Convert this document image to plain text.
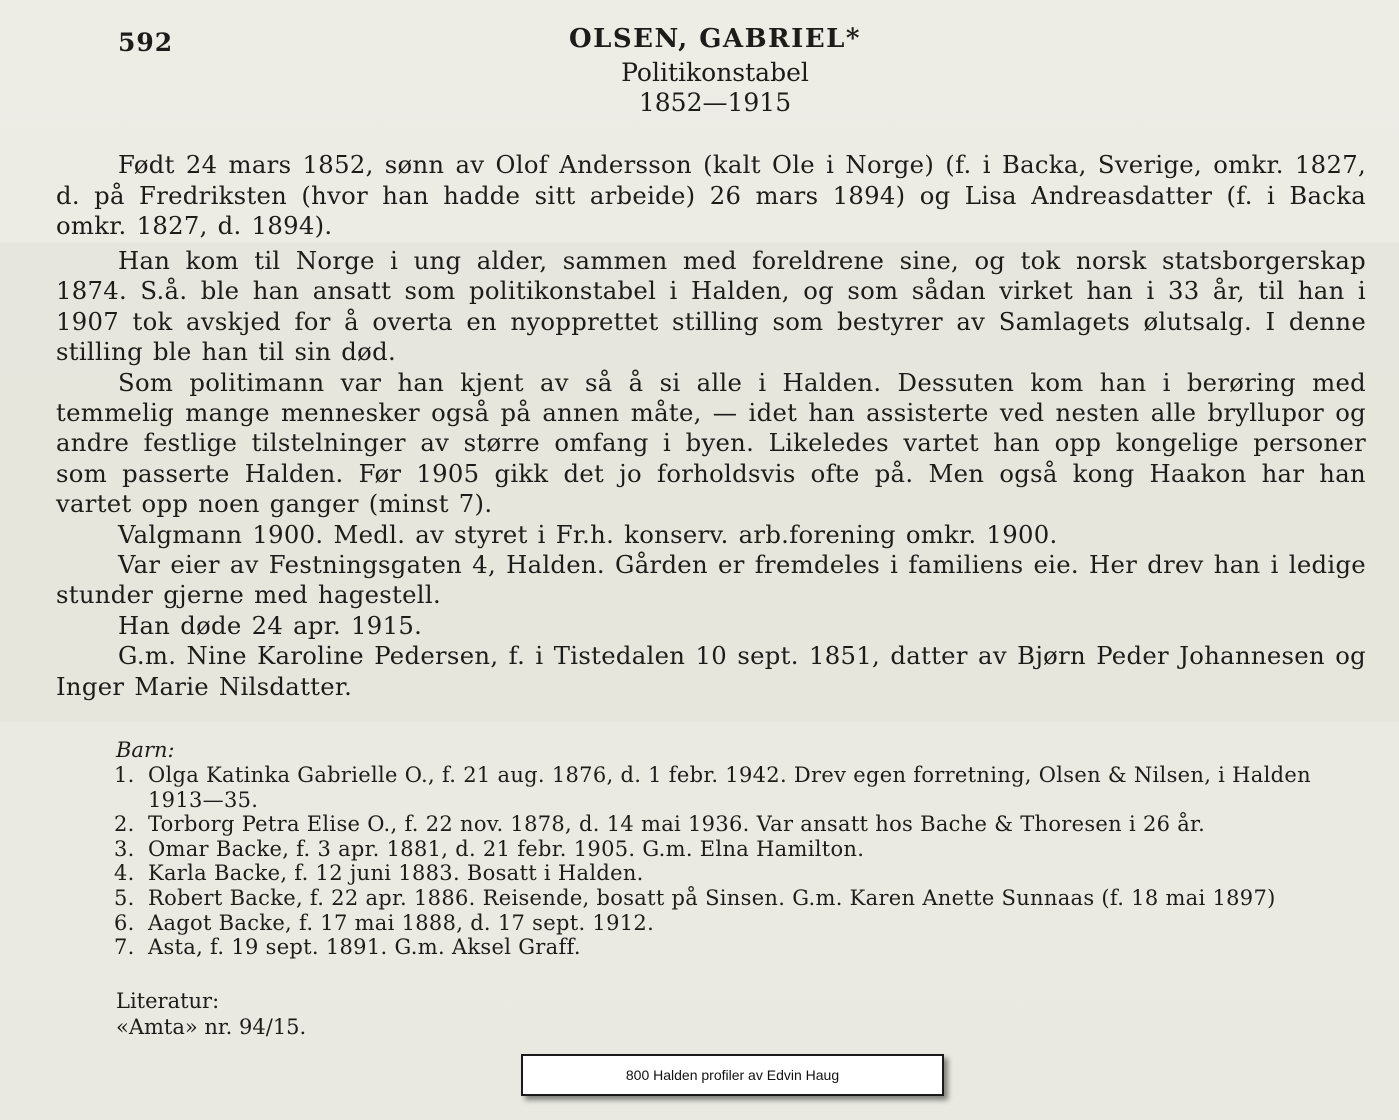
592	OLSEN, GABRIEL*
Politikonstabel
1852—1915

Født 24 mars 1852, sønn av Olof Andersson (kalt Ole i Norge) (f. i Backa, Sverige, omkr. 1827, d. på Fredriksten (hvor han hadde sitt arbeide) 26 mars 1894) og Lisa Andreasdatter (f. i Backa omkr. 1827, d. 1894).

Han kom til Norge i ung alder, sammen med foreldrene sine, og tok norsk statsborgerskap 1874. S.å. ble han ansatt som politikonstabel i Halden, og som sådan virket han i 33 år, til han i 1907 tok avskjed for å overta en nyopprettet stilling som bestyrer av Samlagets ølutsalg. I denne stilling ble han til sin død.

Som politimann var han kjent av så å si alle i Halden. Dessuten kom han i berøring med temmelig mange mennesker også på annen måte, — idet han assisterte ved nesten alle bryllupor og andre festlige tilstelninger av større omfang i byen. Likeledes vartet han opp kongelige personer som passerte Halden. Før 1905 gikk det jo forholdsvis ofte på. Men også kong Haakon har han vartet opp noen ganger (minst 7).

Valgmann 1900. Medl. av styret i Fr.h. konserv. arb.forening omkr. 1900.

Var eier av Festningsgaten 4, Halden. Gården er fremdeles i familiens eie. Her drev han i ledige stunder gjerne med hagestell.

Han døde 24 apr. 1915.

G.m. Nine Karoline Pedersen, f. i Tistedalen 10 sept. 1851, datter av Bjørn Peder Johannesen og Inger Marie Nilsdatter.

Barn:
1. Olga Katinka Gabrielle O., f. 21 aug. 1876, d. 1 febr. 1942. Drev egen forretning, Olsen & Nilsen, i Halden 1913—35.
2. Torborg Petra Elise O., f. 22 nov. 1878, d. 14 mai 1936. Var ansatt hos Bache & Thoresen i 26 år.
3. Omar Backe, f. 3 apr. 1881, d. 21 febr. 1905. G.m. Elna Hamilton.
4. Karla Backe, f. 12 juni 1883. Bosatt i Halden.
5. Robert Backe, f. 22 apr. 1886. Reisende, bosatt på Sinsen. G.m. Karen Anette Sunnaas (f. 18 mai 1897)
6. Aagot Backe, f. 17 mai 1888, d. 17 sept. 1912.
7. Asta, f. 19 sept. 1891. G.m. Aksel Graff.
Literatur:
«Amta» nr. 94/15.
800 Halden profiler av Edvin Haug
